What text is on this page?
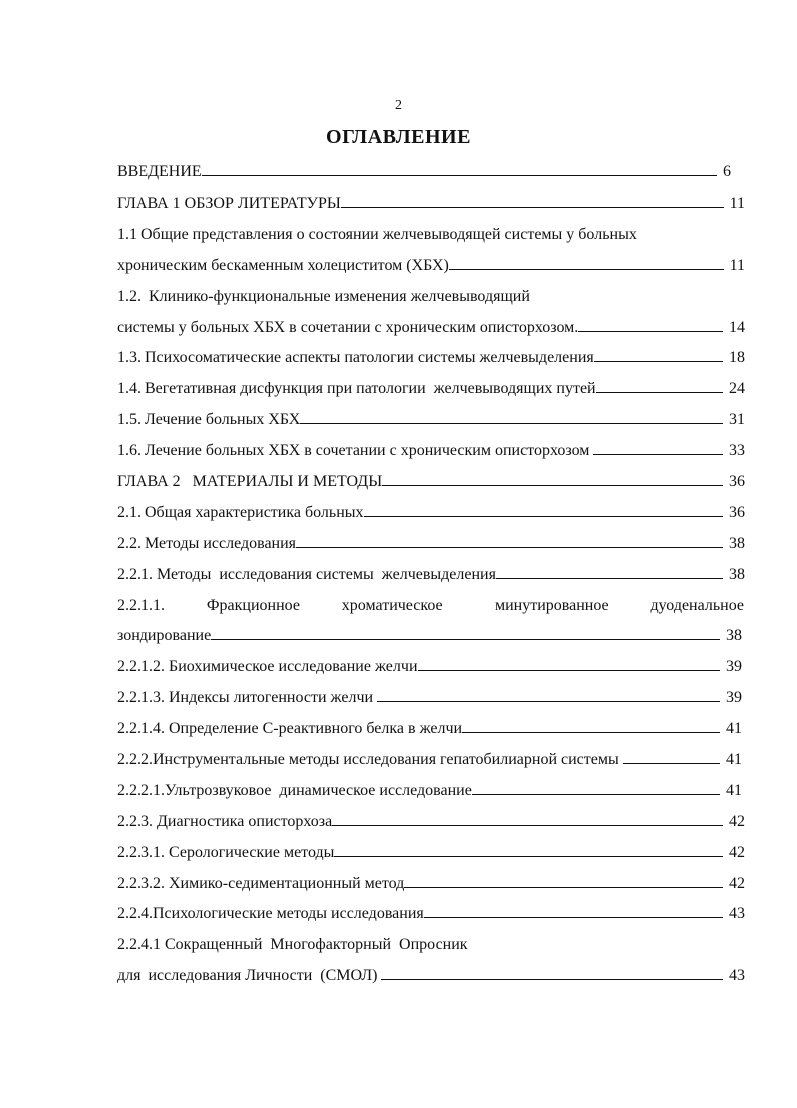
2
ОГЛАВЛЕНИЕ
ВВЕДЕНИЕ	6
ГЛАВА 1 ОБЗОР ЛИТЕРАТУРЫ	11
1.1 Общие представления о состоянии желчевыводящей системы у больных
хроническим бескаменным холециститом (ХБХ)	11
1.2.  Клинико-функциональные изменения желчевыводящий
системы у больных ХБХ в сочетании с хроническим описторхозом.	14
1.3. Психосоматические аспекты патологии системы желчевыделения	18
1.4. Вегетативная дисфункция при патологии  желчевыводящих путей	24
1.5. Лечение больных ХБХ	31
1.6. Лечение больных ХБХ в сочетании с хроническим описторхозом	33
ГЛАВА 2   МАТЕРИАЛЫ И МЕТОДЫ	36
2.1. Общая характеристика больных	36
2.2. Методы исследования	38
2.2.1. Методы  исследования системы  желчевыделения	38
2.2.1.1.    Фракционное    хроматическое     минутированное    дуоденальное
зондирование	38
2.2.1.2. Биохимическое исследование желчи	39
2.2.1.3. Индексы литогенности желчи	39
2.2.1.4. Определение С-реактивного белка в желчи	41
2.2.2.Инструментальные методы исследования гепатобилиарной системы	41
2.2.2.1.Ультрозвуковое  динамическое исследование	41
2.2.3. Диагностика описторхоза	42
2.2.3.1. Серологические методы	42
2.2.3.2. Химико-седиментационный метод	42
2.2.4.Психологические методы исследования	43
2.2.4.1 Сокращенный  Многофакторный  Опросник
для  исследования Личности  (СМОЛ)	43
